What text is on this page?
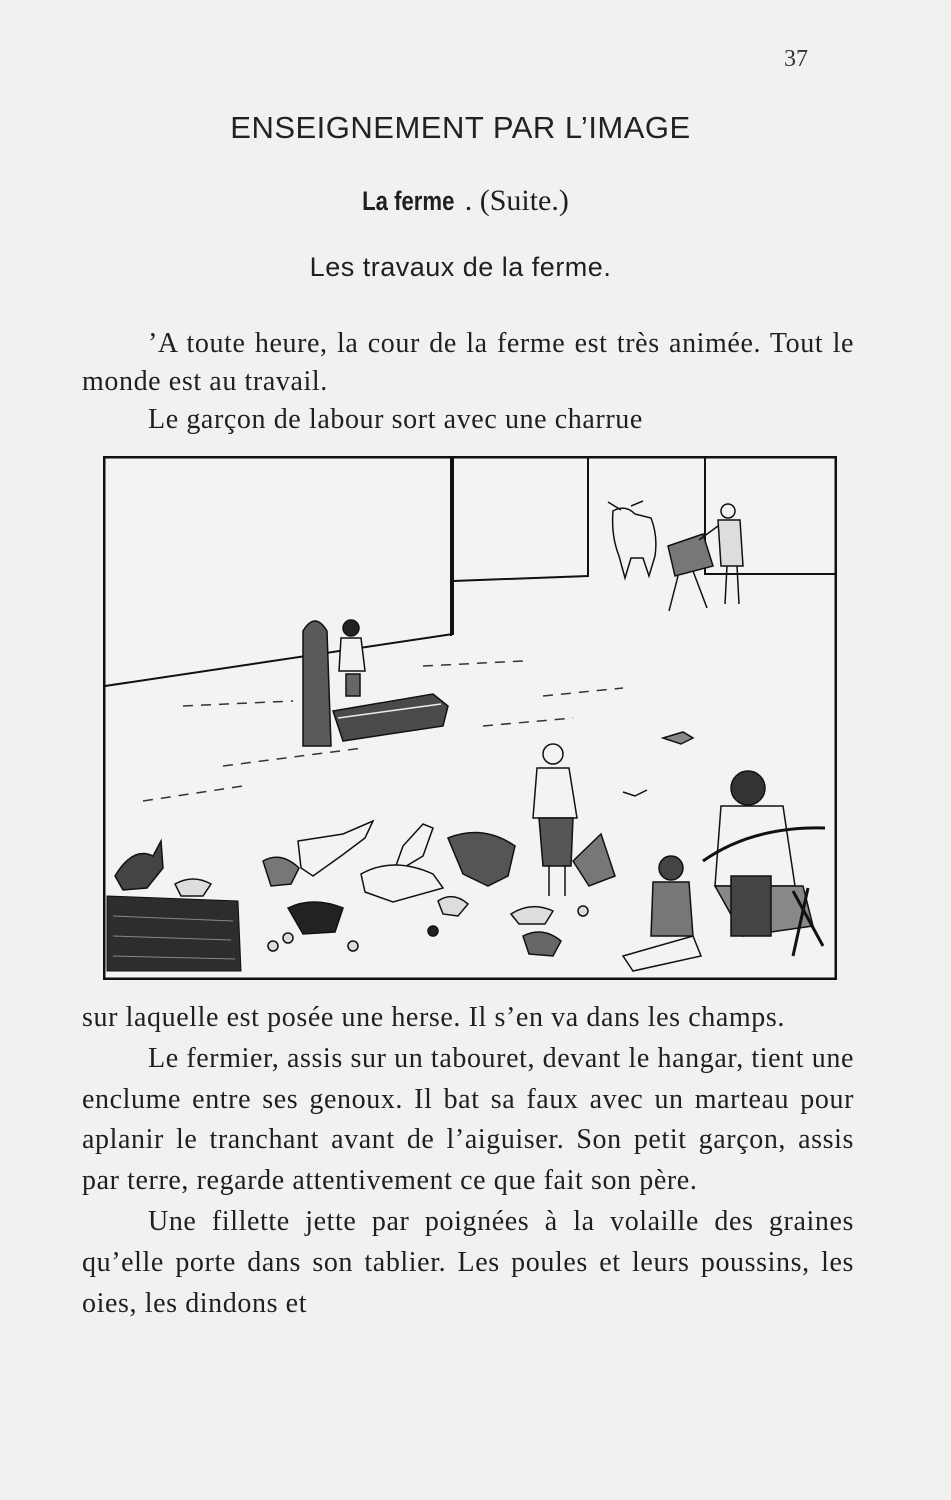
37
ENSEIGNEMENT PAR L’IMAGE
La ferme . (Suite.)
Les travaux de la ferme.

’A toute heure, la cour de la ferme est très animée. Tout le monde est au travail.

Le garçon de labour sort avec une charrue

sur laquelle est posée une herse. Il s’en va dans les champs.

Le fermier, assis sur un tabouret, devant le hangar, tient une enclume entre ses genoux. Il bat sa faux avec un marteau pour aplanir le tranchant avant de l’aiguiser. Son petit garçon, assis par terre, regarde attentivement ce que fait son père.

Une fillette jette par poignées à la volaille des graines qu’elle porte dans son tablier. Les poules et leurs poussins, les oies, les dindons et
